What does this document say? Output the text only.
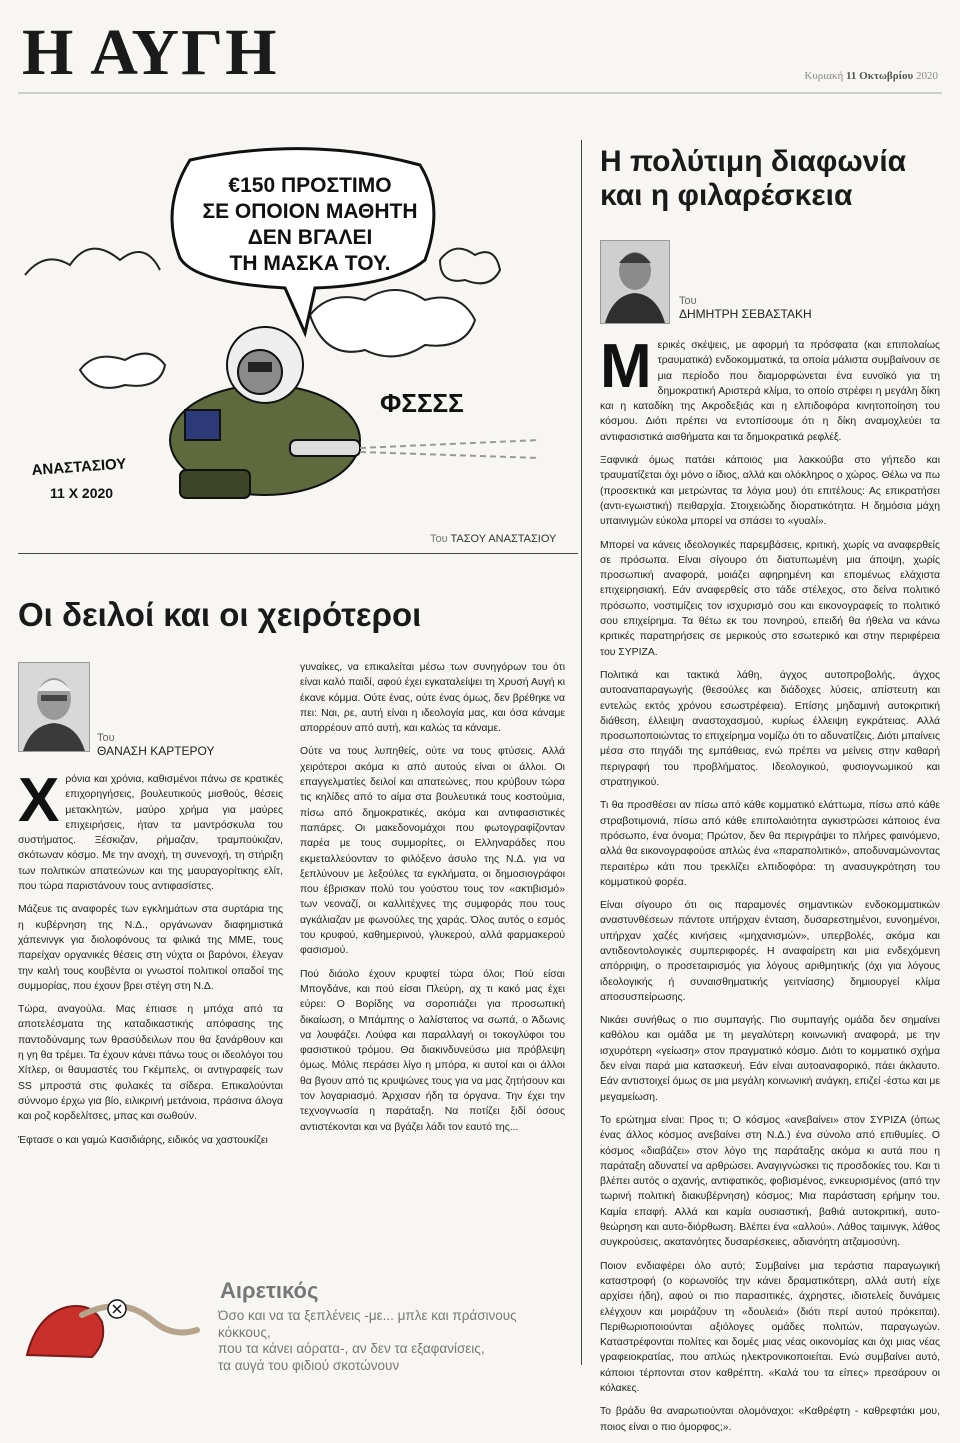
Η ΑΥΓΗ	Κυριακή 11 Οκτωβρίου 2020
€150 ΠΡΟΣΤΙΜΟ
ΣΕ ΟΠΟΙΟΝ ΜΑΘΗΤΗ
ΔΕΝ ΒΓΑΛΕΙ
ΤΗ ΜΑΣΚΑ ΤΟΥ.
ΦΣΣΣΣ
ΑΝΑΣΤΑΣΙΟΥ
11 Χ 2020
Του ΤΑΣΟΥ ΑΝΑΣΤΑΣΙΟΥ
Η πολύτιμη διαφωνία
και η φιλαρέσκεια
Του
ΔΗΜΗΤΡΗ ΣΕΒΑΣΤΑΚΗ

Μερικές σκέψεις, με αφορμή τα πρόσφατα (και επιπολαίως τραυματικά) ενδοκομματικά, τα οποία μάλιστα συμβαίνουν σε μια περίοδο που διαμορφώνεται ένα ευνοϊκό για τη δημοκρατική Αριστερά κλίμα, το οποίο στρέφει η μεγάλη δίκη και η καταδίκη της Ακροδεξιάς και η ελπιδοφόρα κινητοποίηση του κόσμου. Διότι πρέπει να εντοπίσουμε ότι η δίκη αναμοχλεύει τα αντιφασιστικά αισθήματα και τα δημοκρατικά ρεφλέξ.

Ξαφνικά όμως πατάει κάποιος μια λακκούβα στο γήπεδο και τραυματίζεται όχι μόνο ο ίδιος, αλλά και ολόκληρος ο χώρος. Θέλω να πω (προσεκτικά και μετρώντας τα λόγια μου) ότι επιτέλους: Ας επικρατήσει (αντι-εγωιστική) πειθαρχία. Στοιχειώδης διορατικότητα. Η δημόσια μάχη υπαινιγμών εύκολα μπορεί να σπάσει το «γυαλί».

Μπορεί να κάνεις ιδεολογικές παρεμβάσεις, κριτική, χωρίς να αναφερθείς σε πρόσωπα. Είναι σίγουρο ότι διατυπωμένη μια άποψη, χωρίς προσωπική αναφορά, μοιάζει αφηρημένη και επομένως ελάχιστα επιχειρησιακή. Εάν αναφερθείς στο τάδε στέλεχος, στο δείνα πολιτικό πρόσωπο, νοστιμίζεις τον ισχυρισμό σου και εικονογραφείς το πολιτικό σου επιχείρημα. Τα θέτω εκ του πονηρού, επειδή θα ήθελα να κάνω κριτικές παρατηρήσεις σε μερικούς στο εσωτερικό και στην περιφέρεια του ΣΥΡΙΖΑ.

Πολιτικά και τακτικά λάθη, άγχος αυτοπροβολής, άγχος αυτοαναπαραγωγής (θεσούλες και διάδοχες λύσεις, απίστευτη και εντελώς εκτός χρόνου εσωστρέφεια). Επίσης μηδαμινή αυτοκριτική διάθεση, έλλειψη αναστοχασμού, κυρίως έλλειψη εγκράτειας. Αλλά προσωποποιώντας το επιχείρημα νομίζω ότι το αδυνατίζεις. Διότι μπαίνεις μέσα στο πηγάδι της εμπάθειας, ενώ πρέπει να μείνεις στην καθαρή περιγραφή του προβλήματος. Ιδεολογικού, φυσιογνωμικού και στρατηγικού.

Τι θα προσθέσει αν πίσω από κάθε κομματικό ελάττωμα, πίσω από κάθε στραβοτιμονιά, πίσω από κάθε επιπολαιότητα αγκιστρώσει κάποιος ένα πρόσωπο, ένα όνομα; Πρώτον, δεν θα περιγράψει το πλήρες φαινόμενο, αλλά θα εικονογραφούσε απλώς ένα «παραπολιτικό», αποδυναμώνοντας περαιτέρω κάτι που τρεκλίζει ελπιδοφόρα: τη ανασυγκρότηση του κομματικού φορέα.

Είναι σίγουρο ότι οις παραμονές σημαντικών ενδοκομματικών αναστυνθέσεων πάντοτε υπήρχαν ένταση, δυσαρεστημένοι, ευνοημένοι, υπήρχαν χαζές κινήσεις «μηχανισμών», υπερβολές, ακόμα και αντιδεοντολογικές συμπεριφορές. Η αναφαίρετη και μια ενδεχόμενη απόρριψη, ο προσεταιρισμός για λόγους αριθμητικής (όχι για λόγους ιδεολογικής ή συναισθηματικής γειτνίασης) δημιουργεί κλίμα αποσυσπείρωσης.

Νικάει συνήθως ο πιο συμπαγής. Πιο συμπαγής ομάδα δεν σημαίνει καθόλου και ομάδα με τη μεγαλύτερη κοινωνική αναφορά, με την ισχυρότερη «γείωση» στον πραγματικό κόσμο. Διότι το κομματικό σχήμα δεν είναι παρά μια κατασκευή. Εάν είναι αυτοαναφορικό, πάει άκλαυτο. Εάν αντιστοιχεί όμως σε μια μεγάλη κοινωνική ανάγκη, επιζεί -έστω και με μεγαμείωση.

Το ερώτημα είναι: Προς τι; Ο κόσμος «ανεβαίνει» στον ΣΥΡΙΖΑ (όπως ένας άλλος κόσμος ανεβαίνει στη Ν.Δ.) ένα σύνολο από επιθυμίες. Ο κόσμος «διαβάζει» στον λόγο της παράταξης ακόμα κι αυτά που η παράταξη αδυνατεί να αρθρώσει. Αναγιγνώσκει τις προσδοκίες του. Και τι βλέπει αυτός ο αχανής, αντιφατικός, φοβισμένος, ενκευρισμένος (από την τωρινή πολιτική διακυβέρνηση) κόσμος; Μια παράσταση ερήμην του. Καμία επαφή. Αλλά και καμία ουσιαστική, βαθιά αυτοκριτική, αυτο-θεώρηση και αυτο-διόρθωση. Βλέπει ένα «αλλού». Λάθος ταιμινγκ, λάθος συγκρούσεις, ακατανόητες δυσαρέσκειες, αδιανόητη ατζαμοσύνη.

Ποιον ενδιαφέρει όλο αυτό; Συμβαίνει μια τεράστια παραγωγική καταστροφή (ο κορωνοϊός την κάνει δραματικότερη, αλλά αυτή είχε αρχίσει ήδη), αφού οι πιο παρασιτικές, άχρηστες, ιδιοτελείς δυνάμεις ελέγχουν και μοιράζουν τη «δουλειά» (διότι περί αυτού πρόκειται). Περιθωριοποιούνται αξιόλογες ομάδες πολιτών, παραγωγών. Καταστρέφονται πολίτες και δομές μιας νέας οικονομίας και όχι μιας νέας γραφειοκρατίας, που απλώς ηλεκτρονικοποιείται. Ενώ συμβαίνει αυτό, κάποιοι τέρπονται στον καθρέπτη. «Καλά του τα είπες» πρεσάρουν οι κόλακες.

Το βράδυ θα αναρωτιούνται ολομόναχοι: «Καθρέφτη - καθρεφτάκι μου, ποιος είναι ο πιο όμορφος;».

Οι δειλοί και οι χειρότεροι
Του
ΘΑΝΑΣΗ ΚΑΡΤΕΡΟΥ

Χρόνια και χρόνια, καθισμένοι πάνω σε κρατικές επιχορηγήσεις, βουλευτικούς μισθούς, θέσεις μετακλητών, μαύρο χρήμα για μαύρες επιχειρήσεις, ήταν τα μαντρόσκυλα του συστήματος. Ξέσκιζαν, ρήμαζαν, τραμπούκιζαν, σκότωναν κόσμο. Με την ανοχή, τη συνενοχή, τη στήριξη των πολιτικών απατεώνων και της μαυραγορίτικης ελίτ, που τώρα παριστάνουν τους αντιφασίστες.

Μάζευε τις αναφορές των εγκλημάτων στα συρτάρια της η κυβέρνηση της Ν.Δ., οργάνωναν διαφημιστικά χάπενινγκ για διολοφόνους τα φιλικά της ΜΜΕ, τους παρείχαν οργανικές θέσεις στη νύχτα οι βαρόνοι, έλεγαν την καλή τους κουβέντα οι γνωστοί πολιτικοί οπαδοί της συμμορίας, που έχουν βρει στέγη στη Ν.Δ.

Τώρα, αναγούλα. Μας έπιασε η μπόχα από τα αποτελέσματα της καταδικαστικής απόφασης της παντοδύναμης των θρασύδειλων που θα ξανάρθουν και η γη θα τρέμει. Τα έχουν κάνει πάνω τους οι ιδεολόγοι του Χίτλερ, οι θαυμαστές του Γκέμπελς, οι αντιγραφείς των SS μπροστά στις φυλακές τα σίδερα. Επικαλούνται σύννομο έρχω για βίο, ειλικρινή μετάνοια, πράσινα άλογα και ροζ κορδελίτσες, μπας και σωθούν.

Έφτασε ο και γαμώ Κασιδιάρης, ειδικός να χαστουκίζει

γυναίκες, να επικαλείται μέσω των συνηγόρων του ότι είναι καλό παιδί, αφού έχει εγκαταλείψει τη Χρυσή Αυγή κι έκανε κόμμα. Ούτε ένας, ούτε ένας όμως, δεν βρέθηκε να πει: Ναι, ρε, αυτή είναι η ιδεολογία μας, και όσα κάναμε απορρέουν από αυτή, και καλώς τα κάναμε.

Ούτε να τους λυπηθείς, ούτε να τους φτύσεις. Αλλά χειρότεροι ακόμα κι από αυτούς είναι οι άλλοι. Οι επαγγελματίες δειλοί και απατεώνες, που κρύβουν τώρα τις κηλίδες από το αίμα στα βουλευτικά τους κοστούμια, πίσω από δημοκρατικές, ακόμα και αντιφασιστικές παπάρες. Οι μακεδονομάχοι που φωτογραφίζονταν παρέα με τους συμμορίτες, οι Ελληναράδες που εκμεταλλεύονταν το φιλόξενο άσυλο της Ν.Δ. για να ξεπλύνουν με λεξούλες τα εγκλήματα, οι δημοσιογράφοι που έβρισκαν πολύ του γούστου τους τον «ακτιβισμό» των νεοναζί, οι καλλιτέχνες της συμφοράς που τους αγκάλιαζαν με φωνούλες της χαράς. Όλος αυτός ο εσμός του κρυφού, καθημερινού, γλυκερού, αλλά φαρμακερού φασισμού.

Πού διάολο έχουν κρυφτεί τώρα όλοι; Πού είσαι Μπογδάνε, και πού είσαι Πλεύρη, αχ τι κακό μας έχει εύρει: Ο Βορίδης να σοροπιάζει για προσωπική δικαίωση, ο Μπάμπης ο λαλίστατος να σωπά, ο Άδωνις να λουφάζει. Λούφα και παραλλαγή οι τοκογλύφοι του φασιστικού τρόμου. Θα διακινδυνεύσω μια πρόβλεψη όμως. Μόλις περάσει λίγο η μπόρα, κι αυτοί και οι άλλοι θα βγουν από τις κρυψώνες τους για να μας ζητήσουν και τον λογαριασμό. Άρχισαν ήδη τα όργανα. Την έχει την τεχνογνωσία η παράταξη. Να ποτίζει ξιδί όσους αντιστέκονται και να βγάζει λάδι τον εαυτό της...

Αιρετικός
Όσο και να τα ξεπλένεις -με... μπλε και πράσινους κόκκους,
που τα κάνει αόρατα-, αν δεν τα εξαφανίσεις,
τα αυγά του φιδιού σκοτώνουν
